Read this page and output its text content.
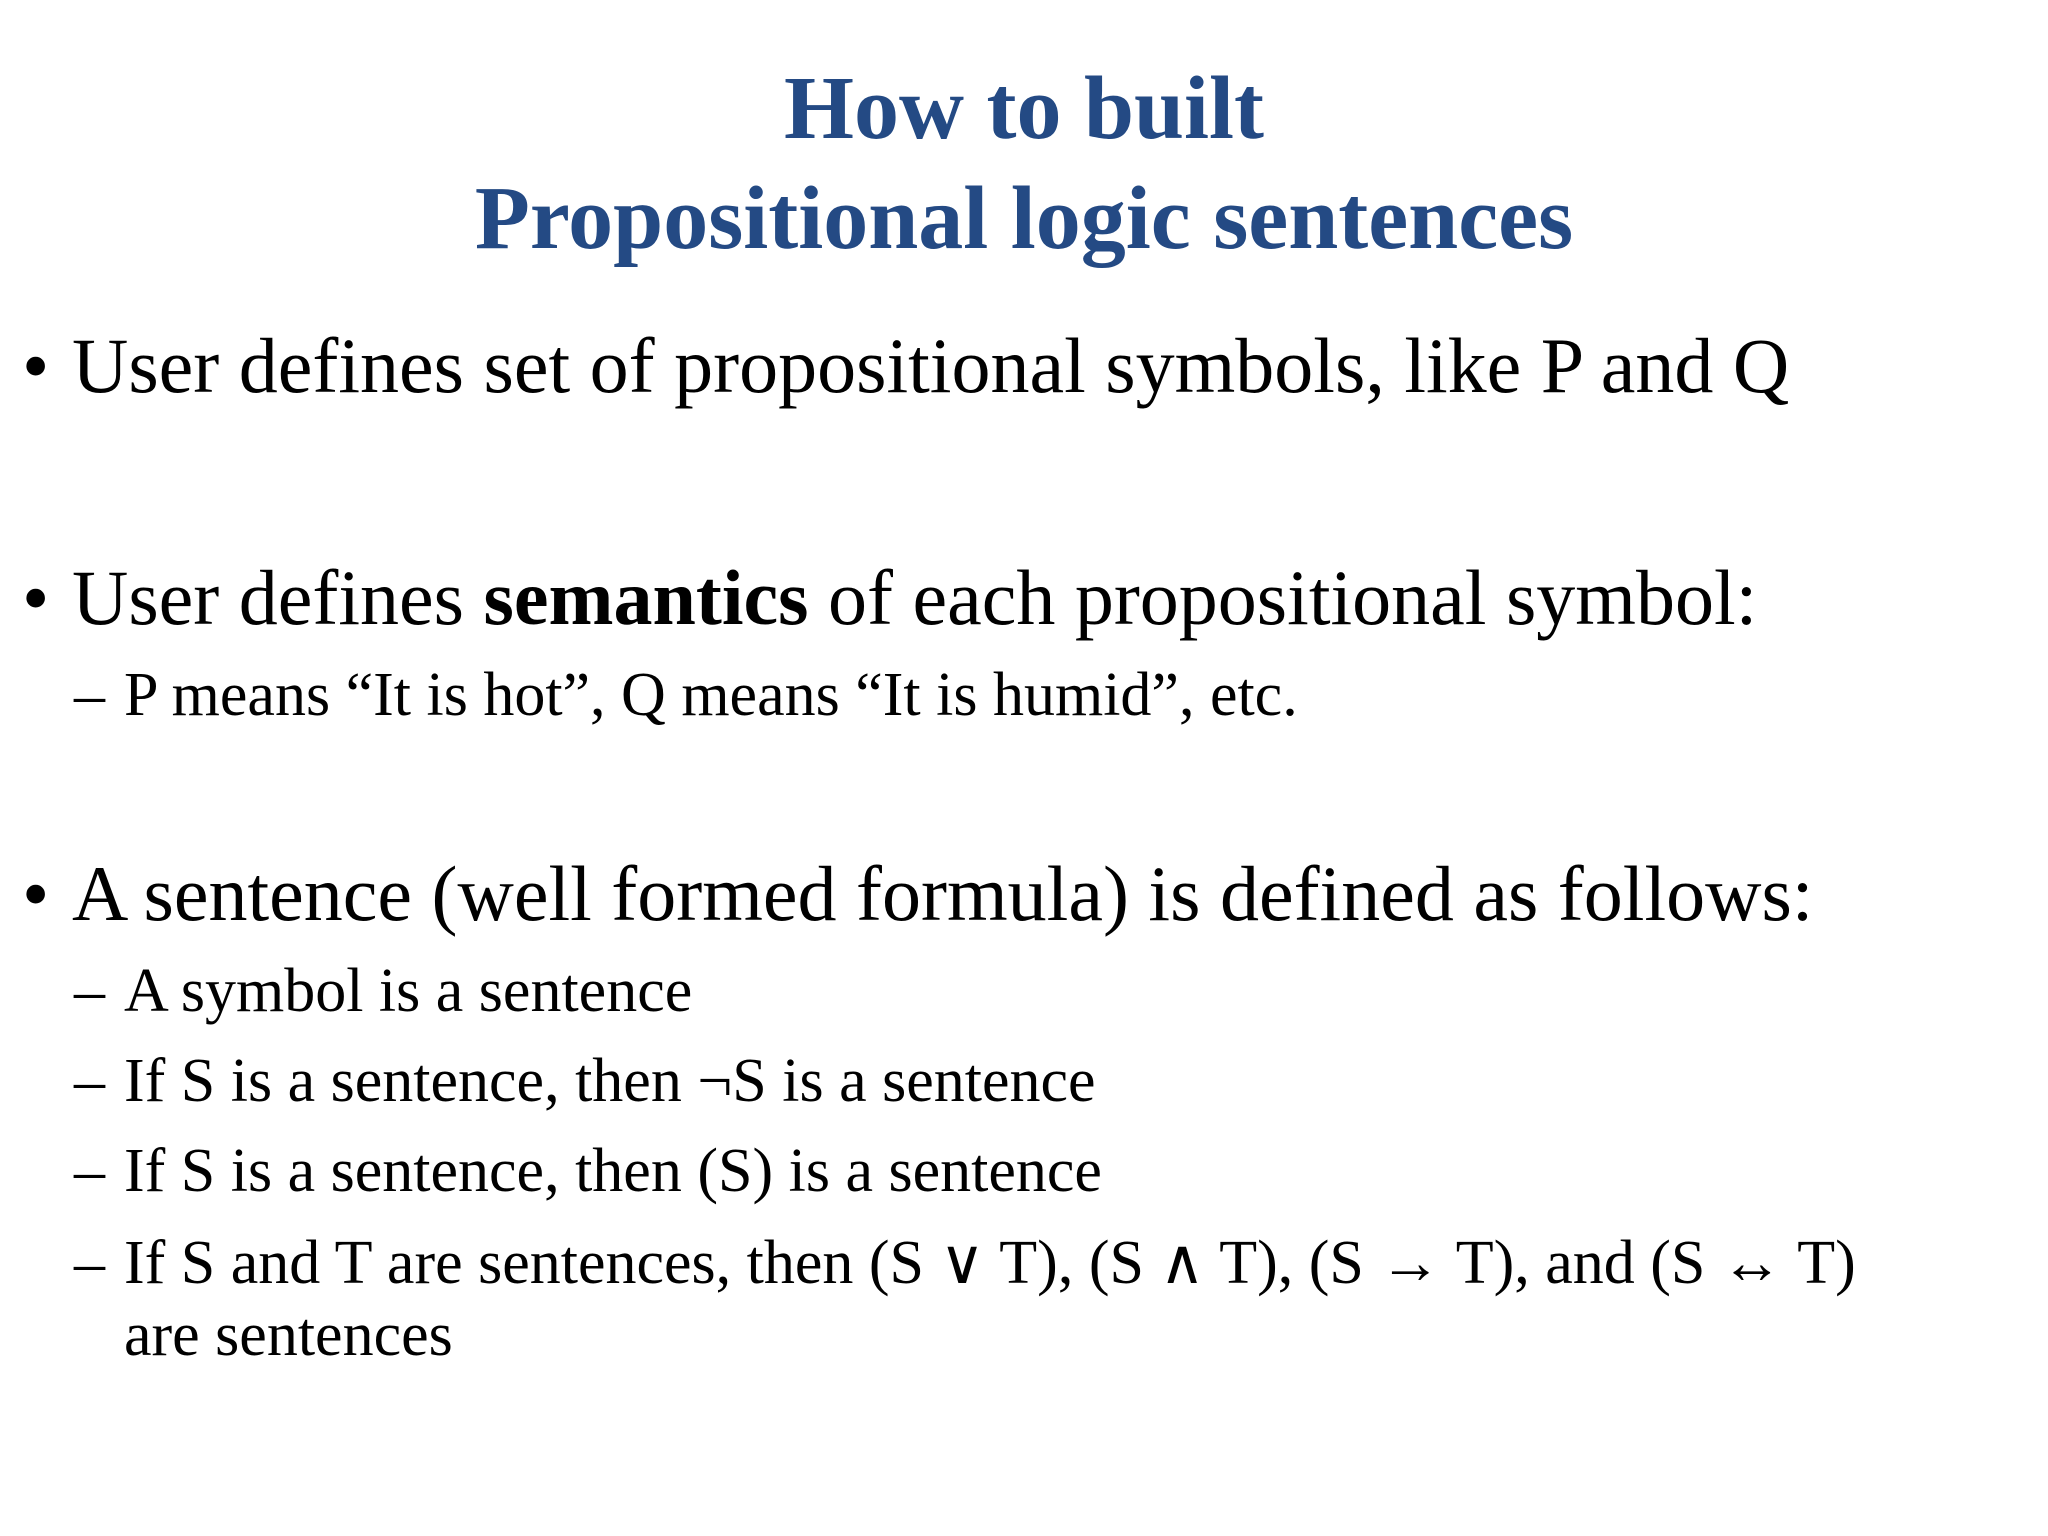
How to built
Propositional logic sentences
• User defines set of propositional symbols, like P and Q
• User defines semantics of each propositional symbol:
– P means “It is hot”, Q means “It is humid”, etc.
• A sentence (well formed formula) is defined as follows:
– A symbol is a sentence
– If S is a sentence, then ¬S is a sentence
– If S is a sentence, then (S) is a sentence
– If S and T are sentences, then (S ∨ T), (S ∧ T), (S → T), and (S ↔ T)
are sentences
